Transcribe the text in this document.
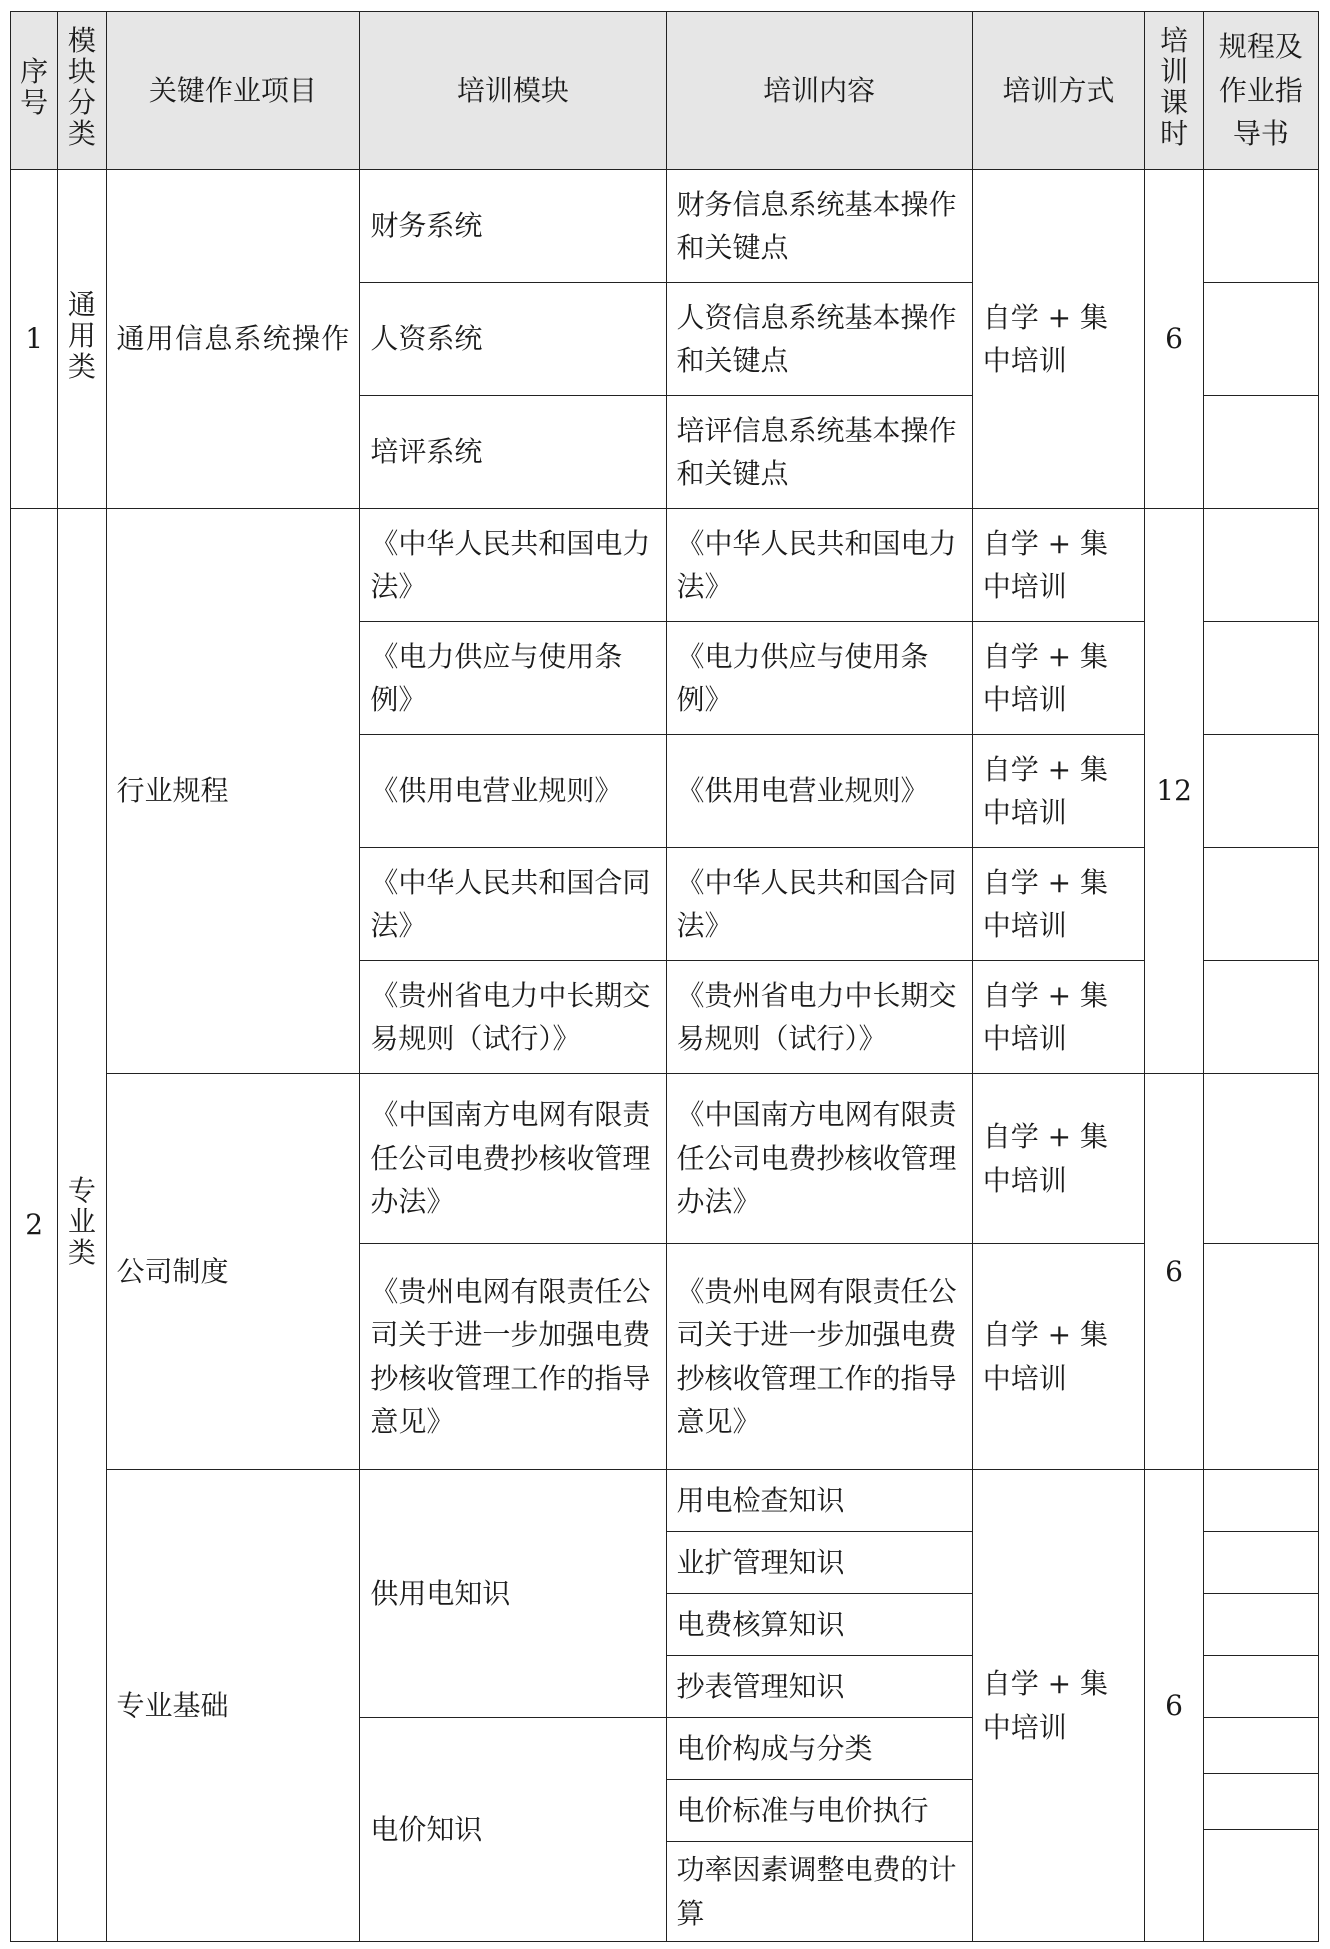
序号	模块分类	关键作业项目	培训模块	培训内容	培训方式	培训课时	规程及作业指导书
1	通用类	通用信息系统操作	财务系统	财务信息系统基本操作和关键点	自学 + 集中培训	6	
			人资系统	人资信息系统基本操作和关键点			
			培评系统	培评信息系统基本操作和关键点			
2	专业类	行业规程	《中华人民共和国电力法》	《中华人民共和国电力法》	自学 + 集中培训	12	
			《电力供应与使用条例》	《电力供应与使用条例》	自学 + 集中培训		
			《供用电营业规则》	《供用电营业规则》	自学 + 集中培训		
			《中华人民共和国合同法》	《中华人民共和国合同法》	自学 + 集中培训		
			《贵州省电力中长期交易规则（试行）》	《贵州省电力中长期交易规则（试行）》	自学 + 集中培训		
		公司制度	《中国南方电网有限责任公司电费抄核收管理办法》	《中国南方电网有限责任公司电费抄核收管理办法》	自学 + 集中培训	6	
			《贵州电网有限责任公司关于进一步加强电费抄核收管理工作的指导意见》	《贵州电网有限责任公司关于进一步加强电费抄核收管理工作的指导意见》	自学 + 集中培训		
		专业基础	供用电知识	用电检查知识	自学 + 集中培训	6	
				业扩管理知识			
				电费核算知识			
				抄表管理知识			
			电价知识	电价构成与分类			

				电价标准与电价执行			

				功率因素调整电费的计算			
